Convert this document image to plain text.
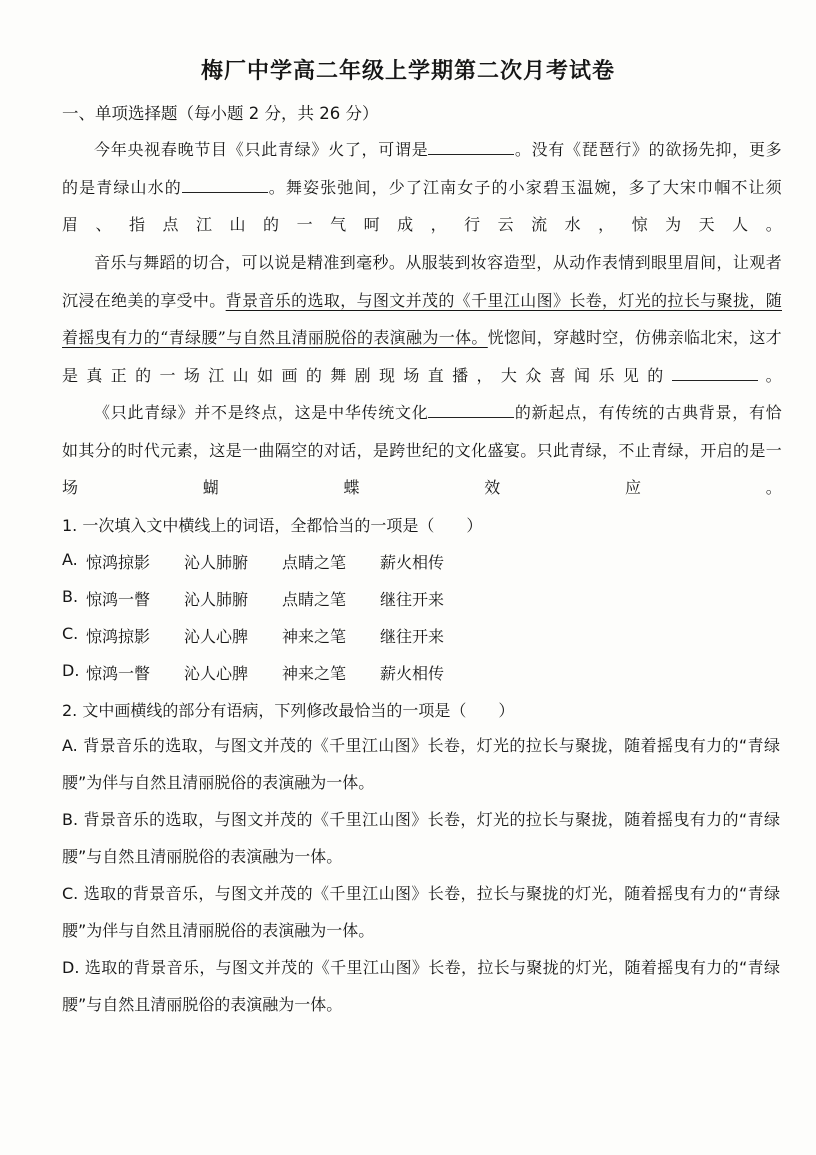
梅厂中学高二年级上学期第二次月考试卷
一、单项选择题（每小题 2 分，共 26 分）
今年央视春晚节目《只此青绿》火了，可谓是	。没有《琵琶行》的欲扬先抑，更多的是青绿山水的	。舞姿张弛间，少了江南女子的小家碧玉温婉，多了大宋巾帼不让须眉、指点江山的一气呵成，行云流水，惊为天人。
音乐与舞蹈的切合，可以说是精准到毫秒。从服装到妆容造型，从动作表情到眼里眉间，让观者沉浸在绝美的享受中。背景音乐的选取，与图文并茂的《千里江山图》长卷，灯光的拉长与聚拢，随着摇曳有力的“青绿腰”与自然且清丽脱俗的表演融为一体。恍惚间，穿越时空，仿佛亲临北宋，这才是真正的一场江山如画的舞剧现场直播，大众喜闻乐见的	。
《只此青绿》并不是终点，这是中华传统文化	的新起点，有传统的古典背景，有恰如其分的时代元素，这是一曲隔空的对话，是跨世纪的文化盛宴。只此青绿，不止青绿，开启的是一场蝴蝶效应。
1. 一次填入文中横线上的词语，全都恰当的一项是（　　）
A. 惊鸿掠影 沁人肺腑 点睛之笔 薪火相传
B. 惊鸿一瞥 沁人肺腑 点睛之笔 继往开来
C. 惊鸿掠影 沁人心脾 神来之笔 继往开来
D. 惊鸿一瞥 沁人心脾 神来之笔 薪火相传
2. 文中画横线的部分有语病，下列修改最恰当的一项是（　　）
A. 背景音乐的选取，与图文并茂的《千里江山图》长卷，灯光的拉长与聚拢，随着摇曳有力的“青绿腰”为伴与自然且清丽脱俗的表演融为一体。
B. 背景音乐的选取，与图文并茂的《千里江山图》长卷，灯光的拉长与聚拢，随着摇曳有力的“青绿腰”与自然且清丽脱俗的表演融为一体。
C. 选取的背景音乐，与图文并茂的《千里江山图》长卷，拉长与聚拢的灯光，随着摇曳有力的“青绿腰”为伴与自然且清丽脱俗的表演融为一体。
D. 选取的背景音乐，与图文并茂的《千里江山图》长卷，拉长与聚拢的灯光，随着摇曳有力的“青绿腰”与自然且清丽脱俗的表演融为一体。
